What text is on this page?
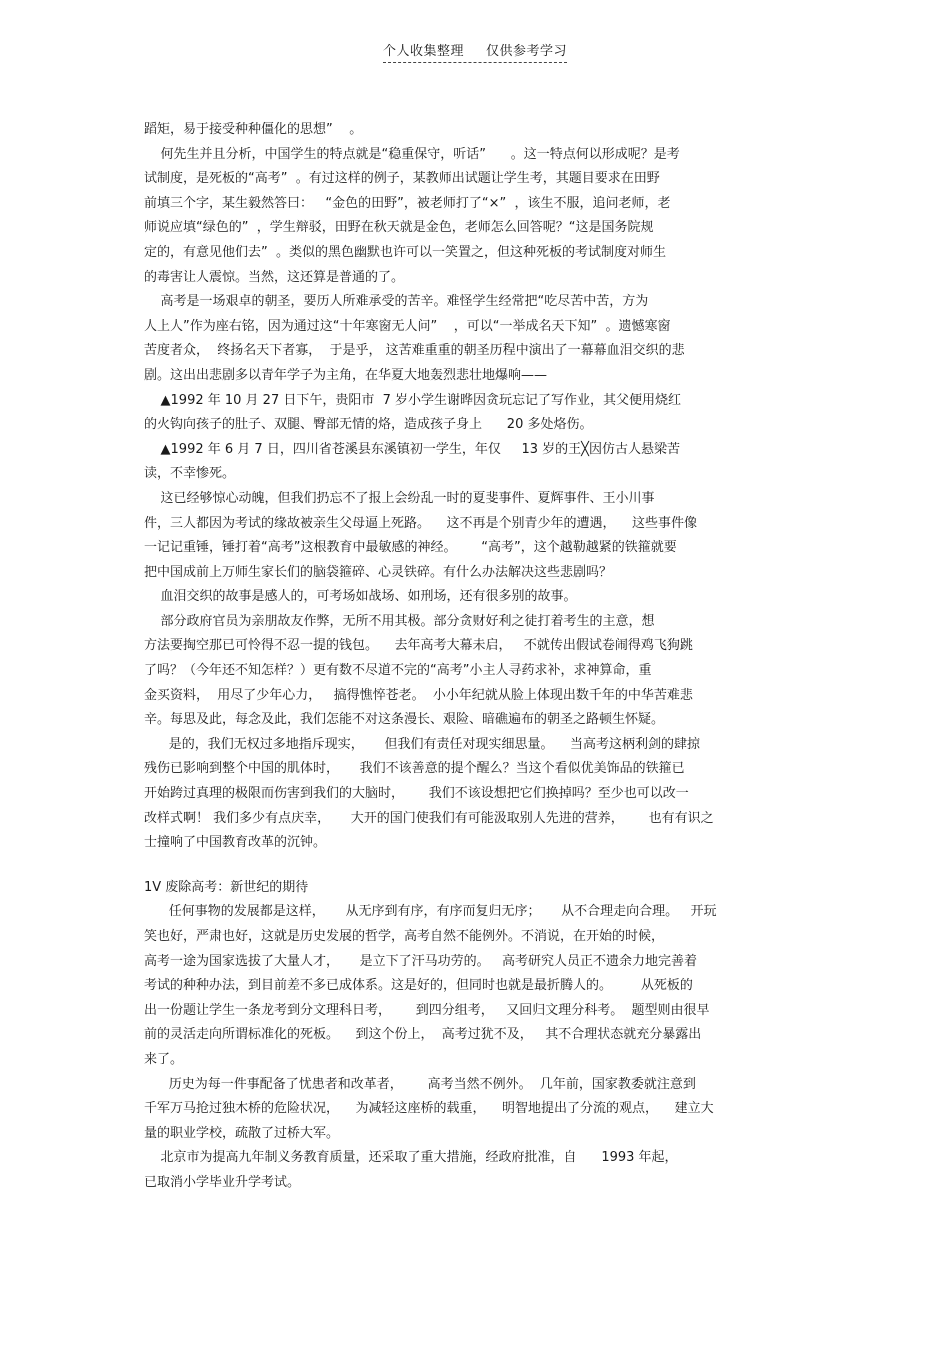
个人收集整理 仅供参考学习
蹈矩，易于接受种种僵化的思想”    。
何先生并且分析，中国学生的特点就是“稳重保守，听话”      。这一特点何以形成呢？是考
试制度，是死板的“高考”  。有过这样的例子，某教师出试题让学生考，其题目要求在田野
前填三个字，某生毅然答曰：   “金色的田野”，被老师打了“×”  ，该生不服，追问老师，老
师说应填“绿色的”  ，学生辩驳，田野在秋天就是金色，老师怎么回答呢？“这是国务院规
定的，有意见他们去”  。类似的黑色幽默也许可以一笑置之，但这种死板的考试制度对师生
的毒害让人震惊。当然，这还算是普通的了。
高考是一场艰卓的朝圣，要历人所难承受的苦辛。难怪学生经常把“吃尽苦中苦，方为
人上人”作为座右铭，因为通过这“十年寒窗无人问”    ，可以“一举成名天下知”  。遗憾寒窗
苦度者众，  终扬名天下者寡，  于是乎， 这苦难重重的朝圣历程中演出了一幕幕血泪交织的悲
剧。这出出悲剧多以青年学子为主角，在华夏大地轰烈悲壮地爆响——
▲1992 年 10 月 27 日下午，贵阳市  7 岁小学生谢晔因贪玩忘记了写作业，其父便用烧红
的火钩向孩子的肚子、双腿、臀部无情的烙，造成孩子身上      20 多处烙伤。
▲1992 年 6 月 7 日，四川省苍溪县东溪镇初一学生，年仅     13 岁的王╳因仿古人悬梁苦
读，不幸惨死。
这已经够惊心动魄，但我们扔忘不了报上会纷乱一时的夏斐事件、夏辉事件、王小川事
件，三人都因为考试的缘故被亲生父母逼上死路。    这不再是个别青少年的遭遇，    这些事件像
一记记重锤，锤打着“高考”这根教育中最敏感的神经。      “高考”，这个越勒越紧的铁箍就要
把中国成前上万师生家长们的脑袋箍碎、心灵铁碎。有什么办法解决这些悲剧吗？
血泪交织的故事是感人的，可考场如战场、如刑场，还有很多别的故事。
部分政府官员为亲朋故友作弊，无所不用其极。部分贪财好利之徒打着考生的主意，想
方法要掏空那已可怜得不忍一提的钱包。    去年高考大幕未启，   不就传出假试卷闹得鸡飞狗跳
了吗？（今年还不知怎样？）更有数不尽道不完的“高考”小主人寻药求补，求神算命，重
金买资料，  用尽了少年心力，   搞得憔悴苍老。  小小年纪就从脸上体现出数千年的中华苦难悲
辛。每思及此，每念及此，我们怎能不对这条漫长、艰险、暗礁遍布的朝圣之路顿生怀疑。
是的，我们无权过多地指斥现实，     但我们有责任对现实细思量。    当高考这柄利剑的肆掠
残伤已影响到整个中国的肌体时，     我们不该善意的提个醒么？当这个看似优美饰品的铁箍已
开始跨过真理的极限而伤害到我们的大脑时，      我们不该设想把它们换掉吗？至少也可以改一
改样式啊！ 我们多少有点庆幸，     大开的国门使我们有可能汲取别人先进的营养，      也有有识之
士撞响了中国教育改革的沉钟。
1V 废除高考：新世纪的期待
任何事物的发展都是这样，     从无序到有序，有序而复归无序；     从不合理走向合理。   开玩
笑也好，严肃也好，这就是历史发展的哲学，高考自然不能例外。不消说，在开始的时候，
高考一途为国家选拔了大量人才，     是立下了汗马功劳的。   高考研究人员正不遗余力地完善着
考试的种种办法，到目前差不多已成体系。这是好的，但同时也就是最折腾人的。       从死板的
出一份题让学生一条龙考到分文理科日考，      到四分组考，   又回归文理分科考。  题型则由很早
前的灵活走向所谓标准化的死板。    到这个份上，  高考过犹不及，   其不合理状态就充分暴露出
来了。
历史为每一件事配备了忧患者和改革者，      高考当然不例外。  几年前，国家教委就注意到
千军万马抢过独木桥的危险状况，    为减轻这座桥的载重，    明智地提出了分流的观点，    建立大
量的职业学校，疏散了过桥大军。
北京市为提高九年制义务教育质量，还采取了重大措施，经政府批准，自      1993 年起，
已取消小学毕业升学考试。
